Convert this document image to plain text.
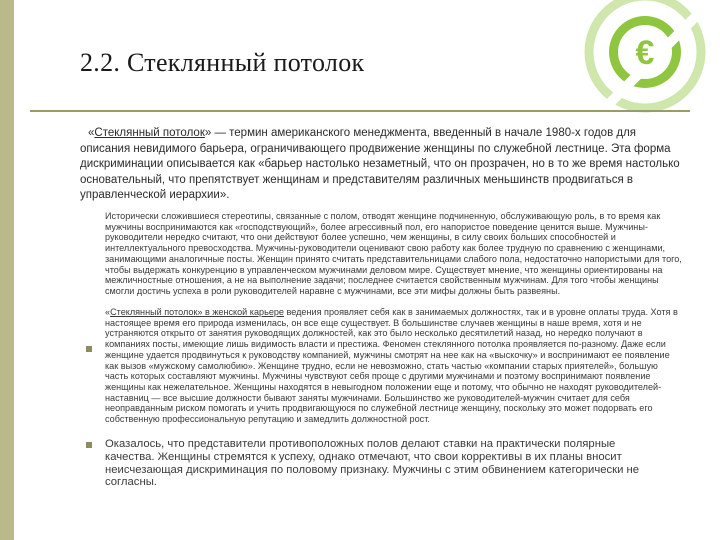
€
2.2. Стеклянный потолок
«Стеклянный потолок» — термин американского менеджмента, введенный в начале 1980-х годов для описания невидимого барьера, ограничивающего продвижение женщины по служебной лестнице. Эта форма дискриминации описывается как «барьер настолько незаметный, что он прозрачен, но в то же время настолько основательный, что препятствует женщинам и представителям различных меньшинств продвигаться в управленческой иерархии».
Исторически сложившиеся стереотипы, связанные с полом, отводят женщине подчиненную, обслуживающую роль, в то время как мужчины воспринимаются как «господствующий», более агрессивный пол, его напористое поведение ценится выше. Мужчины-руководители нередко считают, что они действуют более успешно, чем женщины, в силу своих больших способностей и интеллектуального превосходства. Мужчины-руководители оценивают свою работу как более трудную по сравнению с женщинами, занимающими аналогичные посты. Женщин принято считать представительницами слабого пола, недостаточно напористыми для того, чтобы выдержать конкуренцию в управленческом мужчинами деловом мире. Существует мнение, что женщины ориентированы на межличностные отношения, а не на выполнение задачи; последнее считается свойственным мужчинам. Для того чтобы женщины смогли достичь успеха в роли руководителей наравне с мужчинами, все эти мифы должны быть развеяны.
«Стеклянный потолок» в женской карьере ведения проявляет себя как в занимаемых должностях, так и в уровне оплаты труда. Хотя в настоящее время его природа изменилась, он все еще существует. В большинстве случаев женщины в наше время, хотя и не устраняются открыто от занятия руководящих должностей, как это было несколько десятилетий назад, но нередко получают в компаниях посты, имеющие лишь видимость власти и престижа. Феномен стеклянного потолка проявляется по-разному. Даже если женщине удается продвинуться к руководству компанией, мужчины смотрят на нее как на «выскочку» и воспринимают ее появление как вызов «мужскому самолюбию». Женщине трудно, если не невозможно, стать частью «компании старых приятелей», большую часть которых составляют мужчины. Мужчины чувствуют себя проще с другими мужчинами и поэтому воспринимают появление женщины как нежелательное. Женщины находятся в невыгодном положении еще и потому, что обычно не находят руководителей-наставниц — все высшие должности бывают заняты мужчинами. Большинство же руководителей-мужчин считает для себя неоправданным риском помогать и учить продвигающуюся по служебной лестнице женщину, поскольку это может подорвать его собственную профессиональную репутацию и замедлить должностной рост.
Оказалось, что представители противоположных полов делают ставки на практически полярные качества. Женщины стремятся к успеху, однако отмечают, что свои коррективы в их планы вносит неисчезающая дискриминация по половому признаку. Мужчины с этим обвинением категорически не согласны.
